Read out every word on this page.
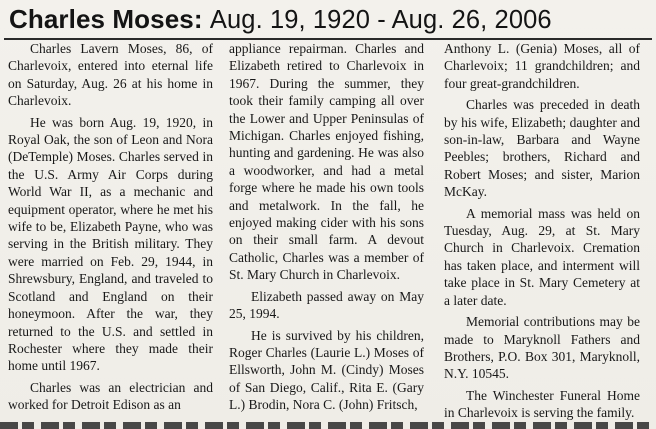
Charles Moses: Aug. 19, 1920 - Aug. 26, 2006

Charles Lavern Moses, 86, of Charlevoix, entered into eternal life on Saturday, Aug. 26 at his home in Charlevoix.

He was born Aug. 19, 1920, in Royal Oak, the son of Leon and Nora (DeTemple) Moses. Charles served in the U.S. Army Air Corps during World War II, as a mechanic and equipment operator, where he met his wife to be, Elizabeth Payne, who was serving in the British military. They were married on Feb. 29, 1944, in Shrewsbury, England, and traveled to Scotland and England on their honeymoon. After the war, they returned to the U.S. and settled in Rochester where they made their home until 1967.

Charles was an electrician and worked for Detroit Edison as an

appliance repairman. Charles and Elizabeth retired to Charlevoix in 1967. During the summer, they took their family camping all over the Lower and Upper Peninsulas of Michigan. Charles enjoyed fishing, hunting and gardening. He was also a woodworker, and had a metal forge where he made his own tools and metalwork. In the fall, he enjoyed making cider with his sons on their small farm. A devout Catholic, Charles was a member of St. Mary Church in Charlevoix.

Elizabeth passed away on May 25, 1994.

He is survived by his children, Roger Charles (Laurie L.) Moses of Ellsworth, John M. (Cindy) Moses of San Diego, Calif., Rita E. (Gary L.) Brodin, Nora C. (John) Fritsch,

Anthony L. (Genia) Moses, all of Charlevoix; 11 grandchildren; and four great-grandchildren.

Charles was preceded in death by his wife, Elizabeth; daughter and son-in-law, Barbara and Wayne Peebles; brothers, Richard and Robert Moses; and sister, Marion McKay.

A memorial mass was held on Tuesday, Aug. 29, at St. Mary Church in Charlevoix. Cremation has taken place, and interment will take place in St. Mary Cemetery at a later date.

Memorial contributions may be made to Maryknoll Fathers and Brothers, P.O. Box 301, Maryknoll, N.Y. 10545.

The Winchester Funeral Home in Charlevoix is serving the family.
